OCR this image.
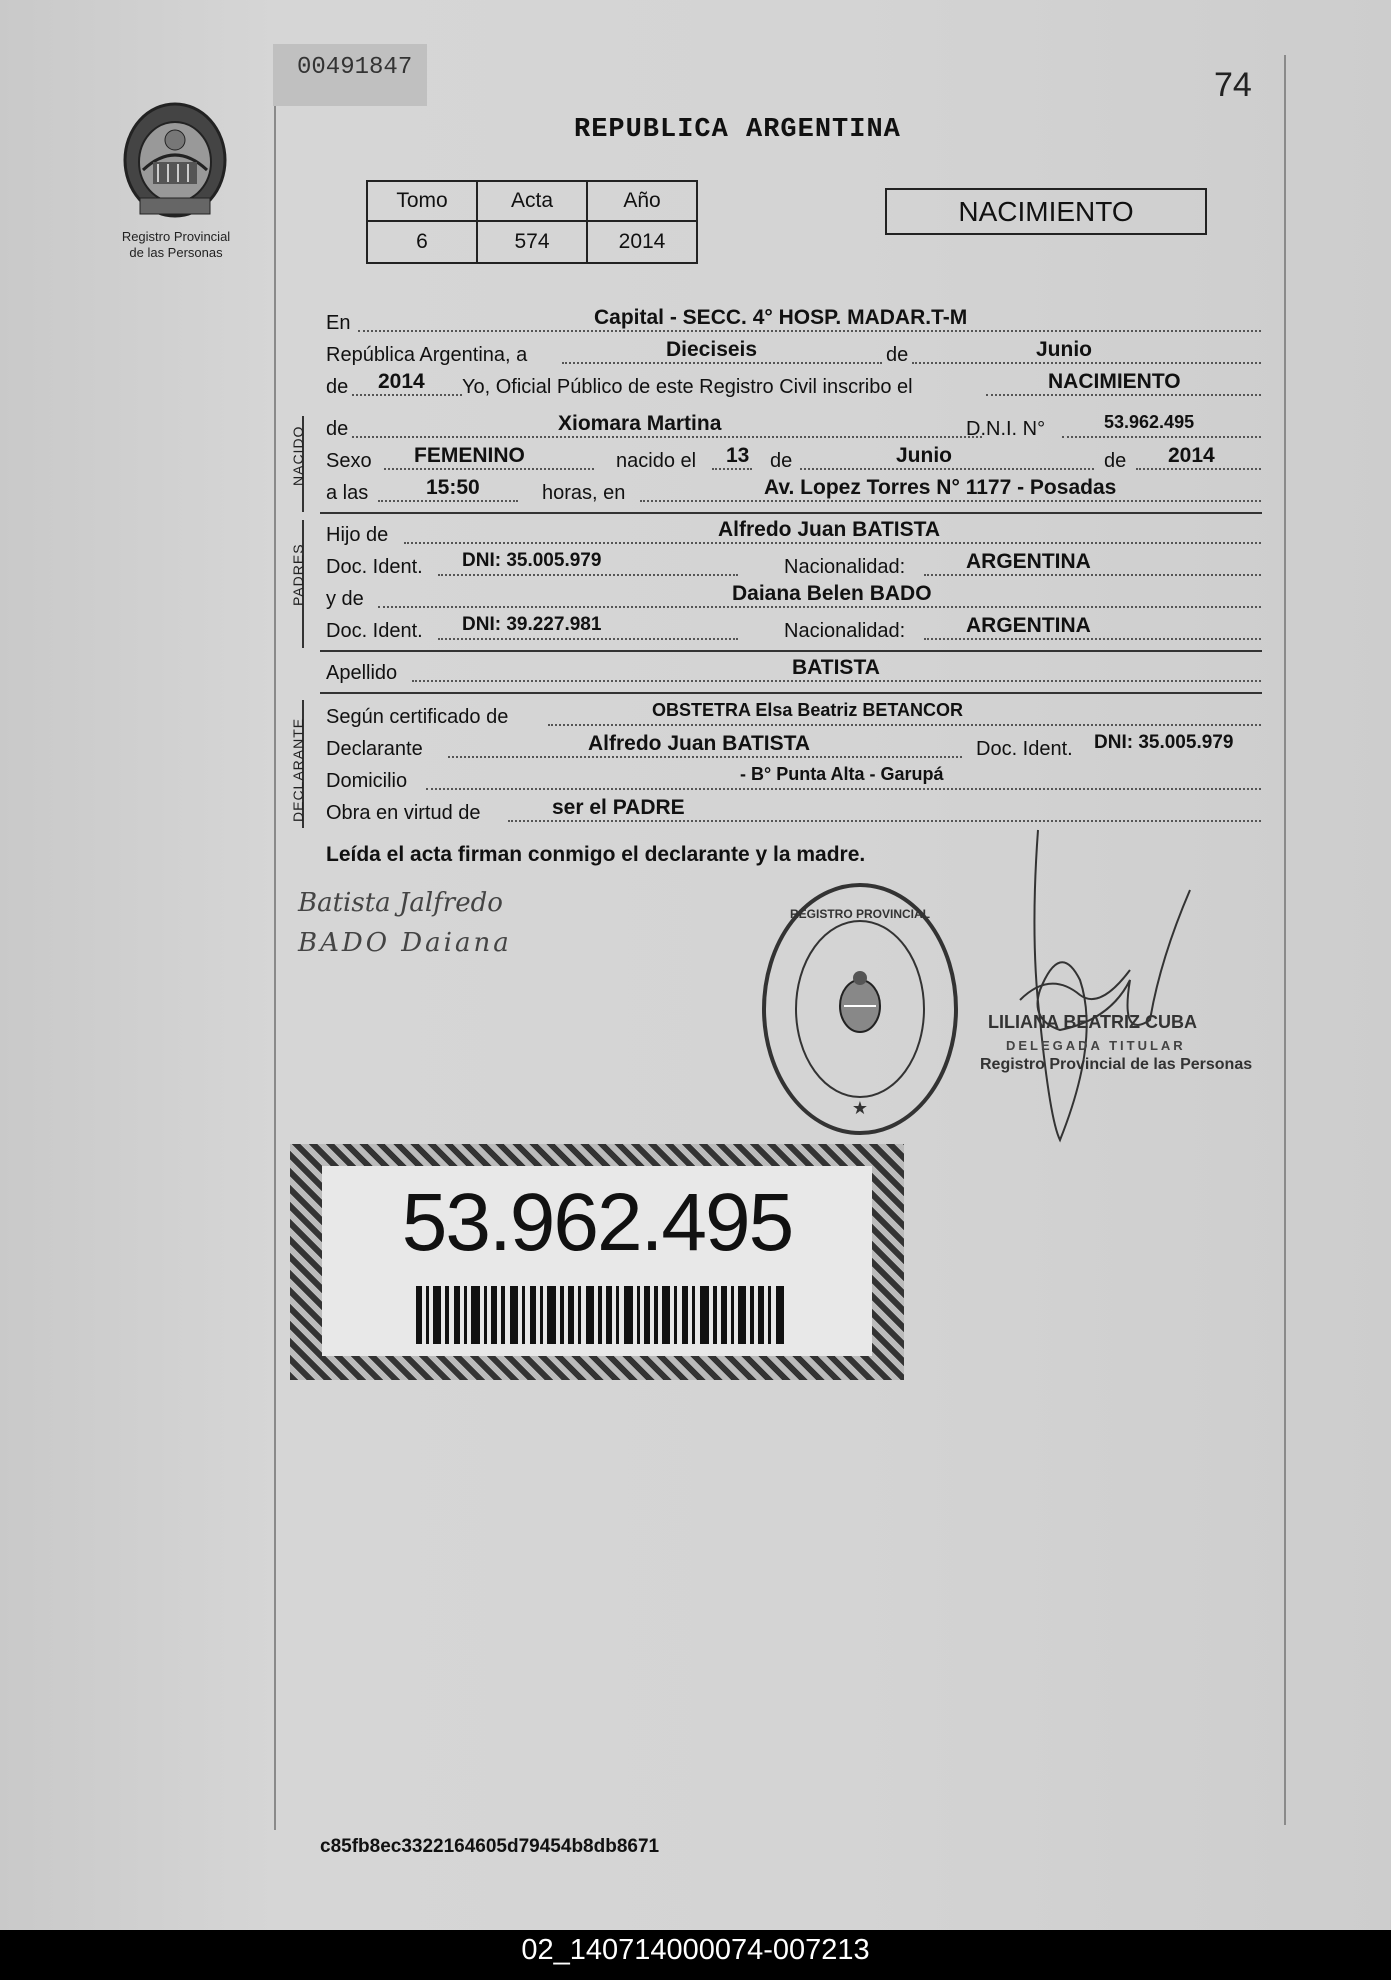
00491847	74
Registro Provincial
de las Personas
REPUBLICA ARGENTINA
Tomo	Acta	Año
6	574	2014
NACIMIENTO
En	Capital - SECC. 4° HOSP. MADAR.T-M
República Argentina, a	Dieciseis	de	Junio
de 2014 Yo, Oficial Público de este Registro Civil inscribo el	NACIMIENTO
NACIDO de	Xiomara Martina	D.N.I. N°	53.962.495
Sexo FEMENINO	nacido el 13 de	Junio	de 2014
a las	15:50	horas, en	Av. Lopez Torres N° 1177 - Posadas
PADRES
Hijo de	Alfredo Juan BATISTA
Doc. Ident. DNI: 35.005.979	Nacionalidad:	ARGENTINA
y de	Daiana Belen BADO
Doc. Ident. DNI: 39.227.981	Nacionalidad:	ARGENTINA
Apellido	BATISTA
DECLARANTE
Según certificado de	OBSTETRA Elsa Beatriz BETANCOR
Declarante	Alfredo Juan BATISTA	Doc. Ident. DNI: 35.005.979
Domicilio	- B° Punta Alta - Garupá
Obra en virtud de	ser el PADRE
Leída el acta firman conmigo el declarante y la madre.
Batista Jalfredo
BADO Daiana
★
REGISTRO PROVINCIAL
LILIANA BEATRIZ CUBA
DELEGADA TITULAR
Registro Provincial de las Personas
53.962.495
c85fb8ec3322164605d79454b8db8671
02_140714000074-007213
